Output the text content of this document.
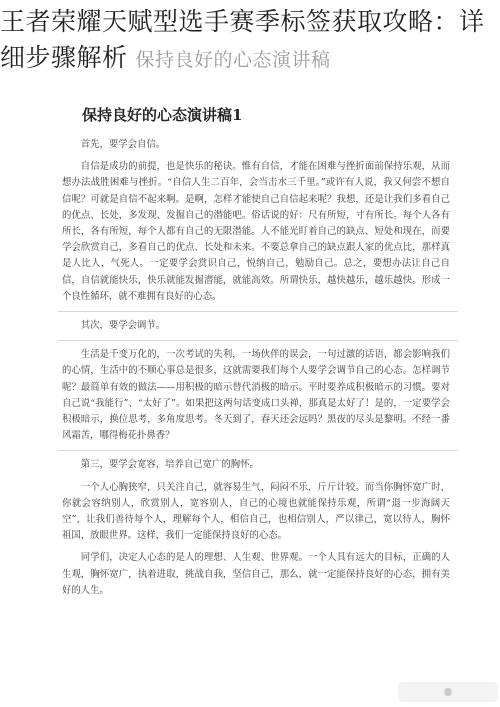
王者荣耀天赋型选手赛季标签获取攻略：详
细步骤解析 保持良好的心态演讲稿
保持良好的心态演讲稿1

首先，要学会自信。

自信是成功的前提，也是快乐的秘诀。惟有自信，才能在困难与挫折面前保持乐观，从而想办法战胜困难与挫折。“自信人生二百年，会当击水三千里。”或许有人说，我又何尝不想自信呢？可就是自信不起来啊。是啊，怎样才能使自己自信起来呢？我想，还是让我们多看自己的优点、长处，多发现、发掘自己的潜能吧。俗话说的好：尺有所短，寸有所长。每个人各有所长，各有所短，每个人都有自己的无限潜能。人不能光盯着自己的缺点、短处和现在，而要学会欣赏自己，多看自己的优点、长处和未来。不要总拿自己的缺点跟人家的优点比，那样真是人比人，气死人。一定要学会赏识自己，悦纳自己，勉励自己。总之，要想办法让自己自信，自信就能快乐，快乐就能发掘潜能，就能高效。所谓快乐，越快越乐，越乐越快。形成一个良性循环，就不难拥有良好的心态。

其次，要学会调节。

生活是千变万化的，一次考试的失利，一场伙伴的误会，一句过激的话语，都会影响我们的心情，生活中的不顺心事总是很多，这就需要我们每个人要学会调节自己的心态。怎样调节呢？最简单有效的做法——用积极的暗示替代消极的暗示。平时要养成积极暗示的习惯。要对自己说“我能行”、“太好了”。如果把这两句话变成口头禅，那真是太好了！是的，一定要学会积极暗示，换位思考，多角度思考。冬天到了，春天还会远吗？黑夜的尽头是黎明。不经一番风霜苦，哪得梅花扑鼻香？

第三，要学会宽容，培养自己宽广的胸怀。

一个人心胸狭窄，只关注自己，就容易生气，闷闷不乐，斤斤计较。而当你胸怀宽广时，你就会容纳别人，欣赏别人，宽容别人，自己的心境也就能保持乐观，所谓“退一步海阔天空”，让我们善待每个人，理解每个人，相信自己，也相信别人，严以律己，宽以待人，胸怀祖国，放眼世界。这样，我们一定能保持良好的心态。

同学们，决定人心态的是人的理想、人生观、世界观。一个人具有远大的目标，正确的人生观，胸怀宽广，执着进取，挑战自我，坚信自己，那么，就一定能保持良好的心态，拥有美好的人生。
